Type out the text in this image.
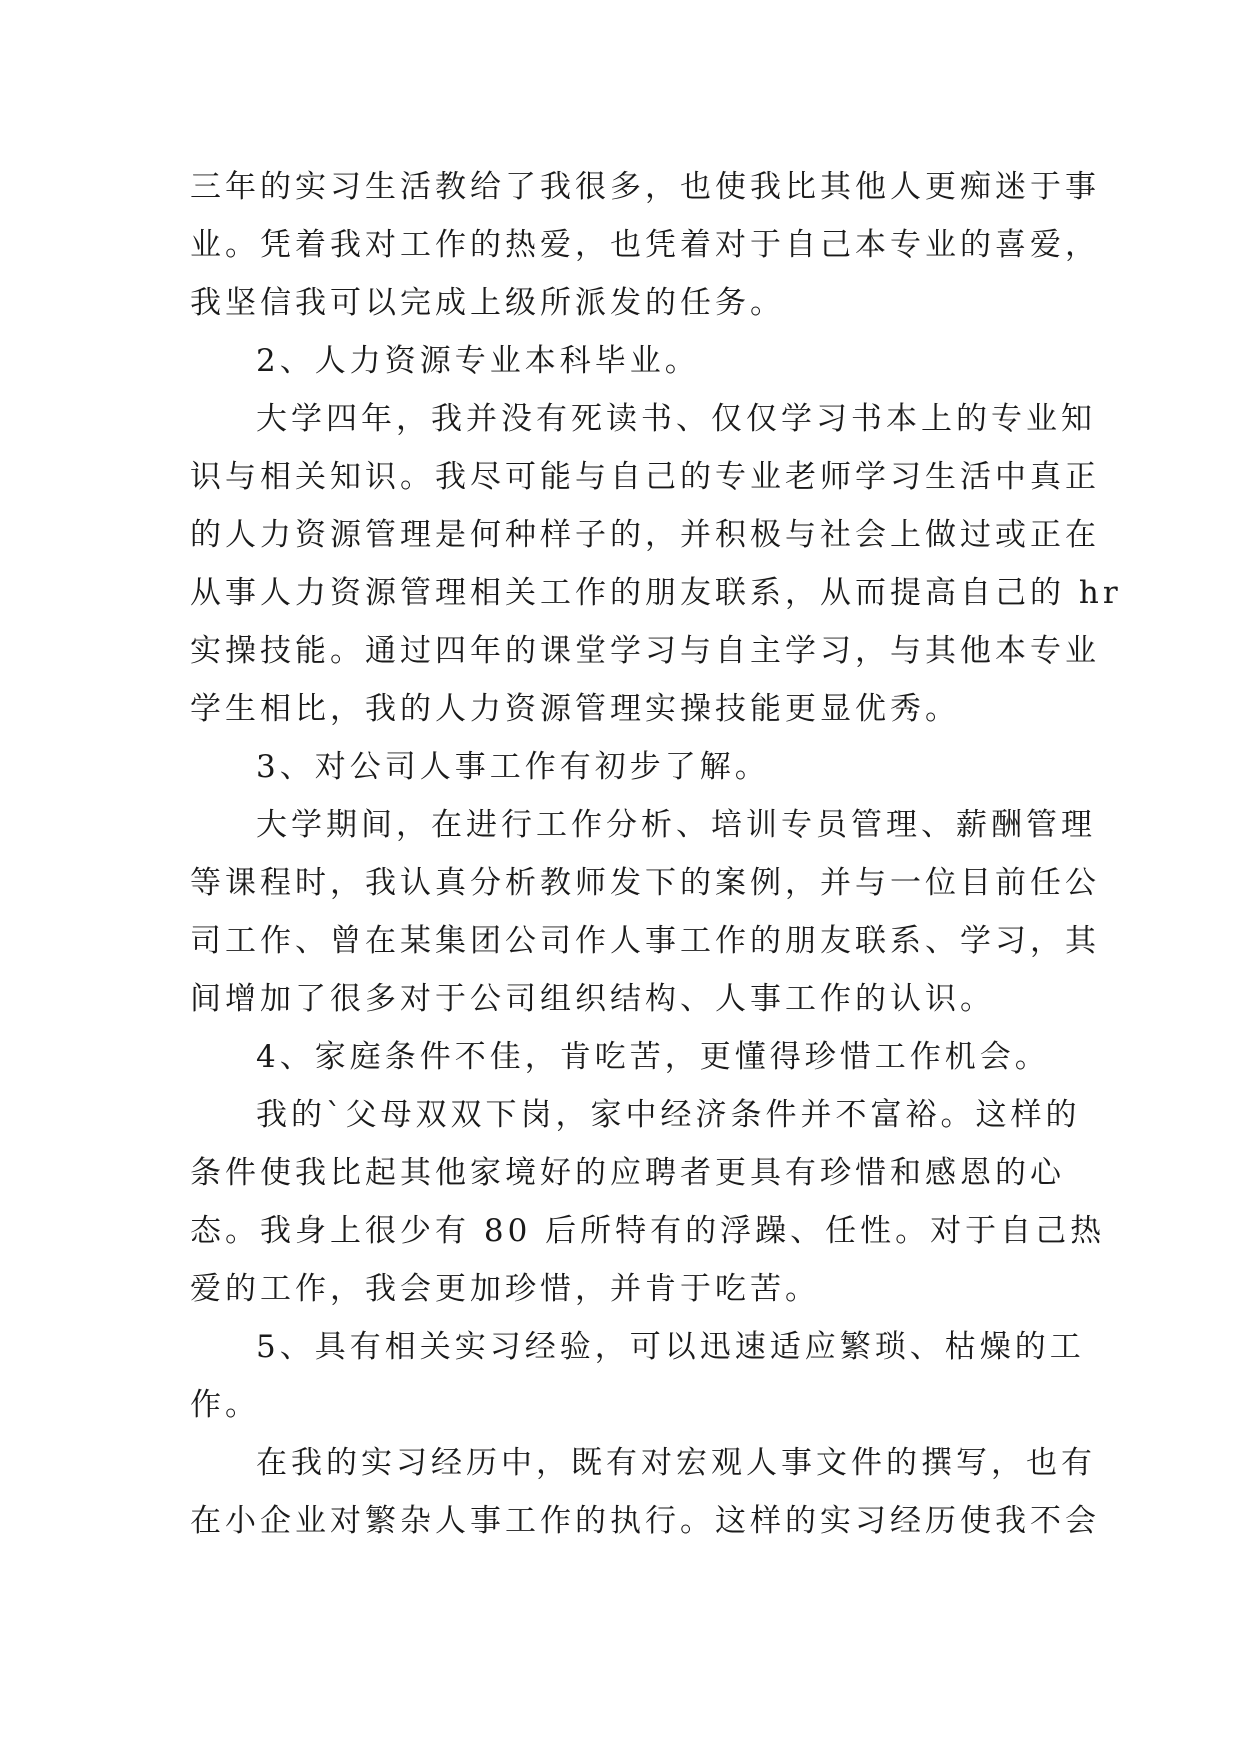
三年的实习生活教给了我很多，也使我比其他人更痴迷于事
业。凭着我对工作的热爱，也凭着对于自己本专业的喜爱，
我坚信我可以完成上级所派发的任务。
2、人力资源专业本科毕业。
大学四年，我并没有死读书、仅仅学习书本上的专业知
识与相关知识。我尽可能与自己的专业老师学习生活中真正
的人力资源管理是何种样子的，并积极与社会上做过或正在
从事人力资源管理相关工作的朋友联系，从而提高自己的 hr
实操技能。通过四年的课堂学习与自主学习，与其他本专业
学生相比，我的人力资源管理实操技能更显优秀。
3、对公司人事工作有初步了解。
大学期间，在进行工作分析、培训专员管理、薪酬管理
等课程时，我认真分析教师发下的案例，并与一位目前任公
司工作、曾在某集团公司作人事工作的朋友联系、学习，其
间增加了很多对于公司组织结构、人事工作的认识。
4、家庭条件不佳，肯吃苦，更懂得珍惜工作机会。
我的`父母双双下岗，家中经济条件并不富裕。这样的
条件使我比起其他家境好的应聘者更具有珍惜和感恩的心
态。我身上很少有 80 后所特有的浮躁、任性。对于自己热
爱的工作，我会更加珍惜，并肯于吃苦。
5、具有相关实习经验，可以迅速适应繁琐、枯燥的工
作。
在我的实习经历中，既有对宏观人事文件的撰写，也有
在小企业对繁杂人事工作的执行。这样的实习经历使我不会
